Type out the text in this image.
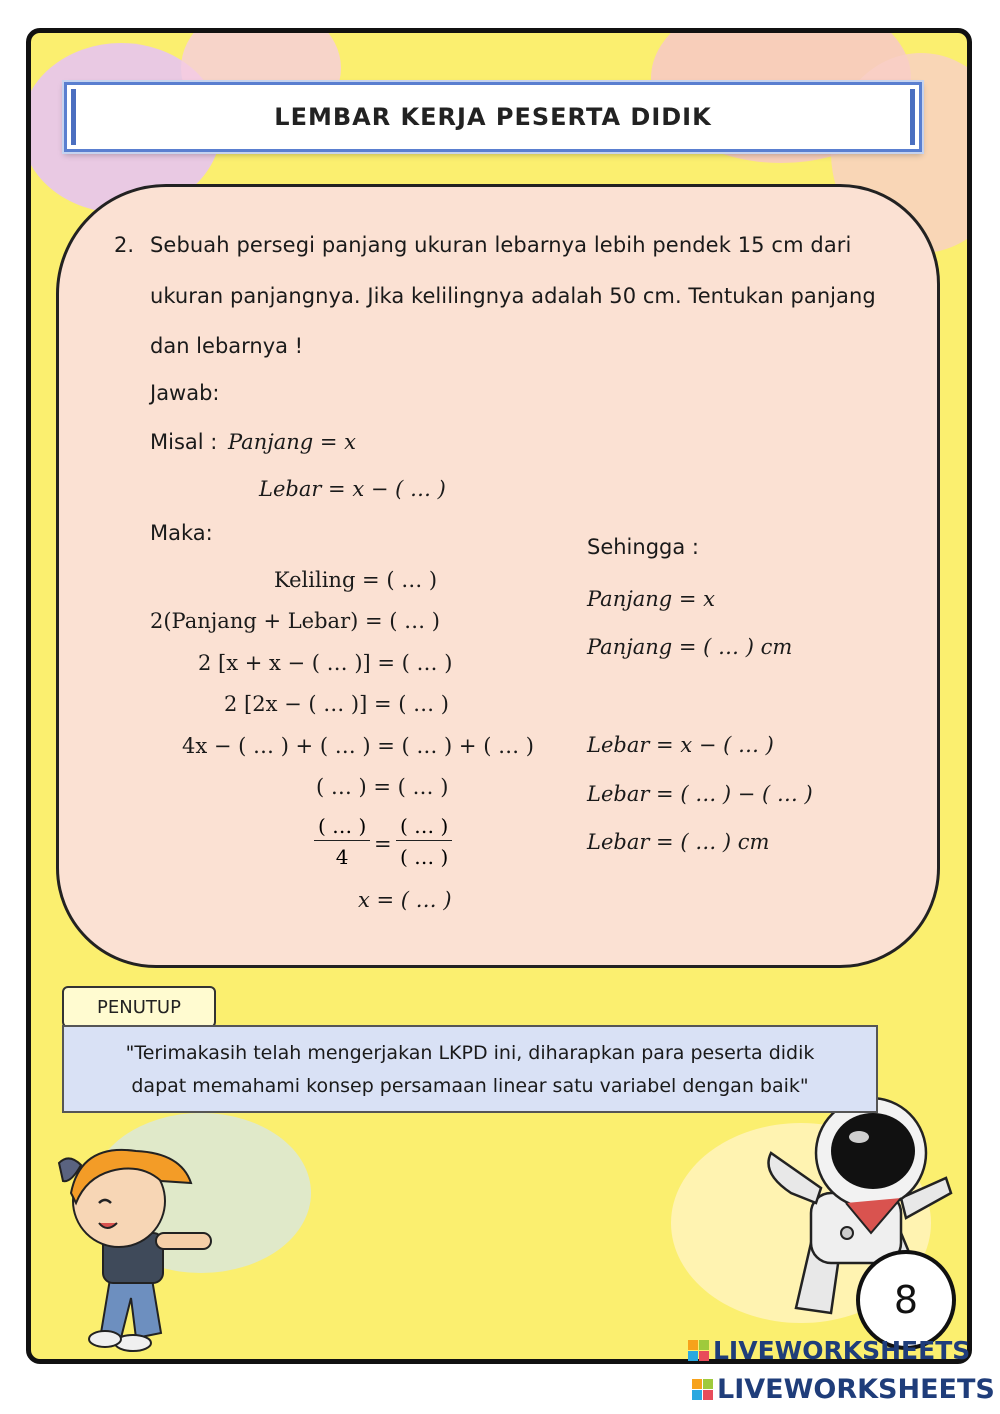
LEMBAR KERJA PESERTA DIDIK
2. Sebuah persegi panjang ukuran lebarnya lebih pendek 15 cm dari
ukuran panjangnya. Jika kelilingnya adalah 50 cm. Tentukan panjang
dan lebarnya !
Jawab:
Misal : Panjang = x
Lebar = x − ( … )
Maka:
Keliling = ( … )
2(Panjang + Lebar) = ( … )
2 [x + x − ( … )] = ( … )
2 [2x − ( … )] = ( … )
4x − ( … ) + ( … ) = ( … ) + ( … )
( … ) = ( … )
( … )
4
=
( … )
( … )
x = ( … )
Sehingga :
Panjang = x
Panjang = ( … ) cm
Lebar = x − ( … )
Lebar = ( … ) − ( … )
Lebar = ( … ) cm
PENUTUP
"Terimakasih telah mengerjakan LKPD ini, diharapkan para peserta didik
dapat memahami konsep persamaan linear satu variabel dengan baik"
8
LIVEWORKSHEETS
LIVEWORKSHEETS
